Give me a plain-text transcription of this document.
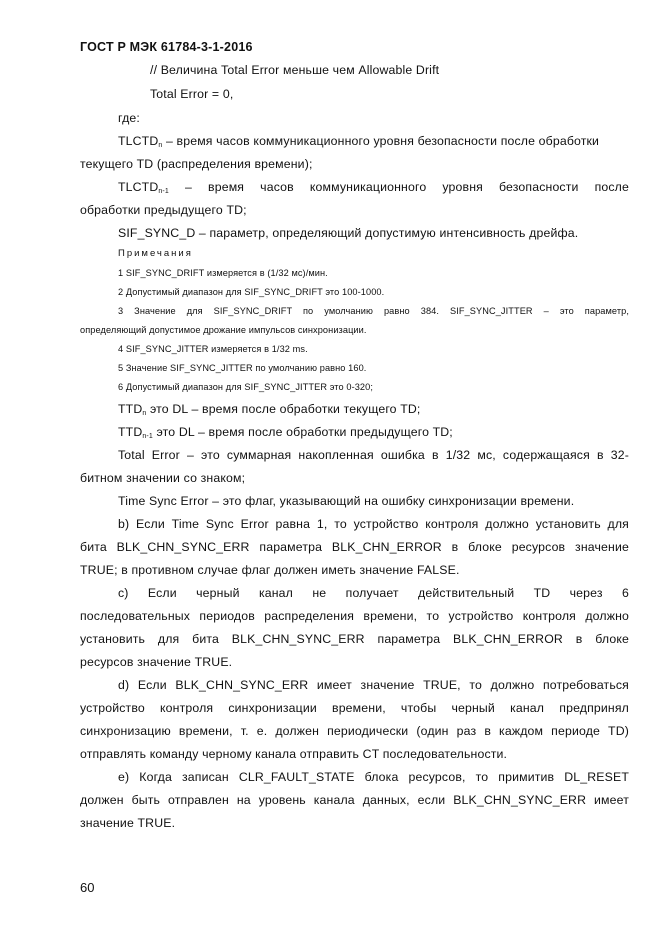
ГОСТ Р МЭК 61784-3-1-2016
// Величина Total Error меньше чем Allowable Drift
Total Error = 0,
где:
$TLCTD_n$ – время часов коммуникационного уровня безопасности после обработки
текущего TD (распределения времени);
$TLCTD_{n-1}$ – время часов коммуникационного уровня безопасности после
обработки предыдущего TD;
SIF_SYNC_D – параметр, определяющий допустимую интенсивность дрейфа.
Примечания
1 SIF_SYNC_DRIFT измеряется в (1/32 мс)/мин.
2 Допустимый диапазон для SIF_SYNC_DRIFT это 100-1000.
3 Значение для SIF_SYNC_DRIFT по умолчанию равно 384. SIF_SYNC_JITTER – это параметр,
определяющий допустимое дрожание импульсов синхронизации.
4 SIF_SYNC_JITTER измеряется в 1/32 ms.
5 Значение SIF_SYNC_JITTER по умолчанию равно 160.
6 Допустимый диапазон для SIF_SYNC_JITTER это 0-320;
$TTD_n$ это DL – время после обработки текущего TD;
$TTD_{n-1}$ это DL – время после обработки предыдущего TD;
Total Error – это суммарная накопленная ошибка в 1/32 мс, содержащаяся в 32-
битном значении со знаком;
Time Sync Error – это флаг, указывающий на ошибку синхронизации времени.
b) Если Time Sync Error равна 1, то устройство контроля должно установить для
бита BLK_CHN_SYNC_ERR параметра BLK_CHN_ERROR в блоке ресурсов значение
TRUE; в противном случае флаг должен иметь значение FALSE.
c) Если черный канал не получает действительный TD через 6
последовательных периодов распределения времени, то устройство контроля должно
установить для бита BLK_CHN_SYNC_ERR параметра BLK_CHN_ERROR в блоке
ресурсов значение TRUE.
d) Если BLK_CHN_SYNC_ERR имеет значение TRUE, то должно потребоваться
устройство контроля синхронизации времени, чтобы черный канал предпринял
синхронизацию времени, т. е. должен периодически (один раз в каждом периоде TD)
отправлять команду черному канала отправить CT последовательности.
e) Когда записан CLR_FAULT_STATE блока ресурсов, то примитив DL_RESET
должен быть отправлен на уровень канала данных, если BLK_CHN_SYNC_ERR имеет
значение TRUE.
60
